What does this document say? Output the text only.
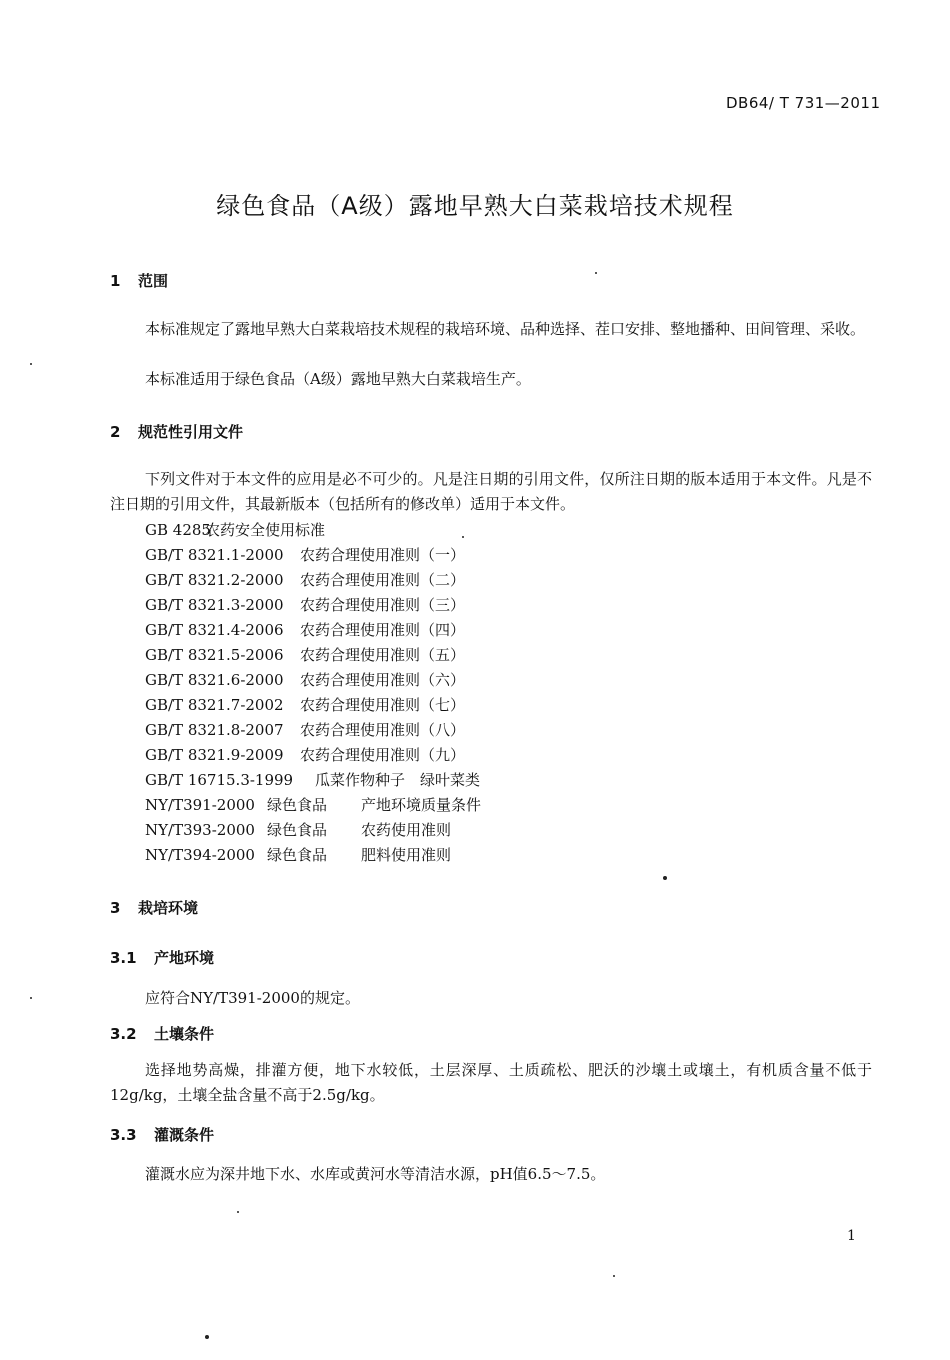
DB64/ T 731—2011
绿色食品（A级）露地早熟大白菜栽培技术规程
1 范围
本标准规定了露地早熟大白菜栽培技术规程的栽培环境、品种选择、茬口安排、整地播种、田间管理、采收。
本标准适用于绿色食品（A级）露地早熟大白菜栽培生产。
2 规范性引用文件
下列文件对于本文件的应用是必不可少的。凡是注日期的引用文件，仅所注日期的版本适用于本文件。凡是不注日期的引用文件，其最新版本（包括所有的修改单）适用于本文件。
GB 4285农药安全使用标准
GB/T 8321.1-2000 农药合理使用准则（一）
GB/T 8321.2-2000 农药合理使用准则（二）
GB/T 8321.3-2000 农药合理使用准则（三）
GB/T 8321.4-2006 农药合理使用准则（四）
GB/T 8321.5-2006 农药合理使用准则（五）
GB/T 8321.6-2000 农药合理使用准则（六）
GB/T 8321.7-2002 农药合理使用准则（七）
GB/T 8321.8-2007 农药合理使用准则（八）
GB/T 8321.9-2009 农药合理使用准则（九）
GB/T 16715.3-1999 瓜菜作物种子　绿叶菜类
NY/T391-2000 绿色食品 产地环境质量条件
NY/T393-2000 绿色食品 农药使用准则
NY/T394-2000 绿色食品 肥料使用准则
3 栽培环境
3.1 产地环境
应符合NY/T391-2000的规定。
3.2 土壤条件
选择地势高燥，排灌方便，地下水较低，土层深厚、土质疏松、肥沃的沙壤土或壤土，有机质含量不低于12g/kg，土壤全盐含量不高于2.5g/kg。
3.3 灌溉条件
灌溉水应为深井地下水、水库或黄河水等清洁水源，pH值6.5～7.5。
1
